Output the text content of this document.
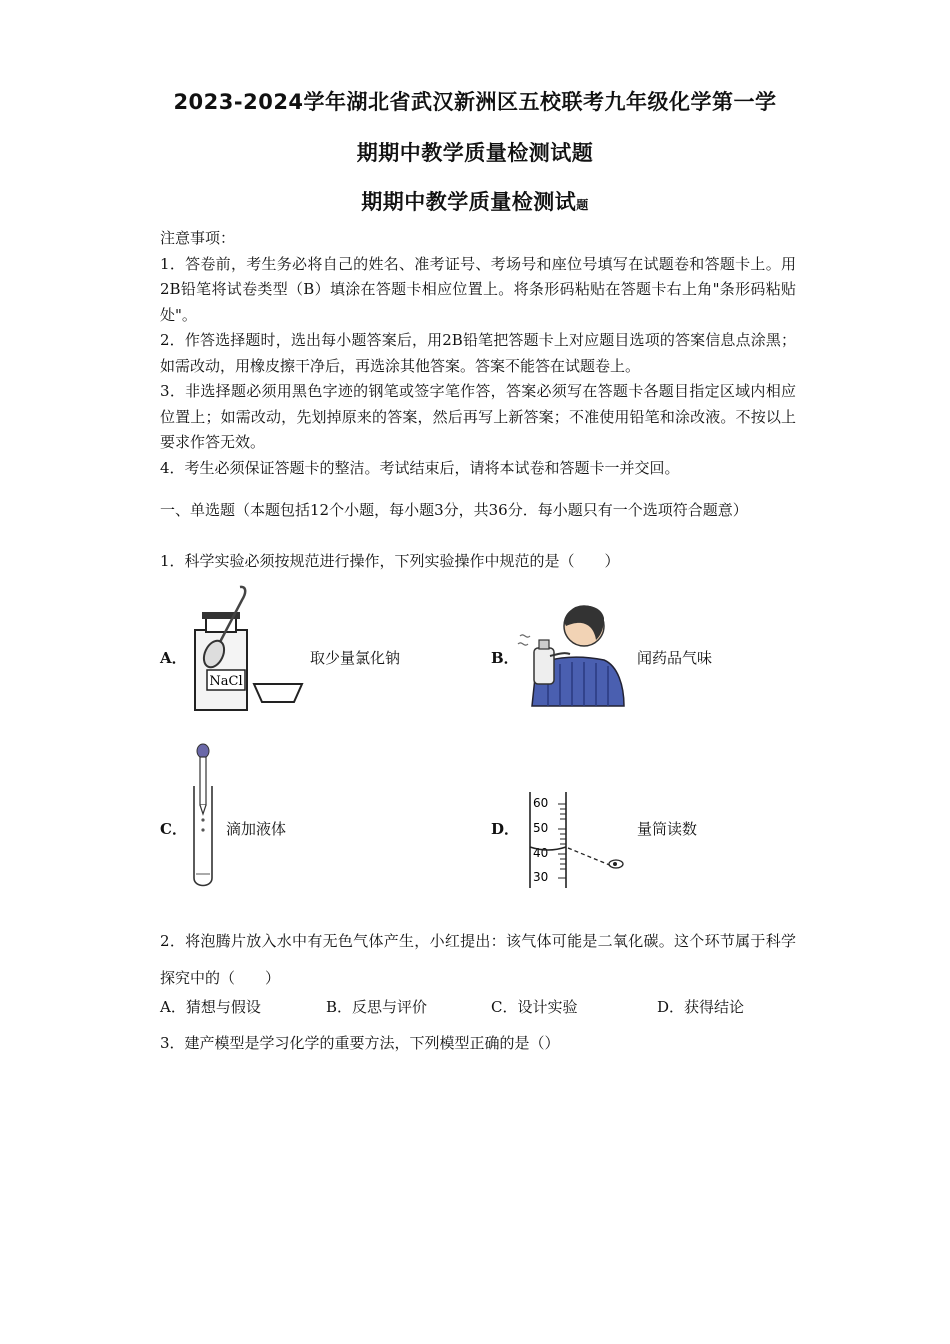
2023-2024学年湖北省武汉新洲区五校联考九年级化学第一学
期期中教学质量检测试题
期期中教学质量检测试题

注意事项：

1．答卷前，考生务必将自己的姓名、准考证号、考场号和座位号填写在试题卷和答题卡上。用2B铅笔将试卷类型（B）填涂在答题卡相应位置上。将条形码粘贴在答题卡右上角"条形码粘贴处"。

2．作答选择题时，选出每小题答案后，用2B铅笔把答题卡上对应题目选项的答案信息点涂黑；如需改动，用橡皮擦干净后，再选涂其他答案。答案不能答在试题卷上。

3．非选择题必须用黑色字迹的钢笔或签字笔作答，答案必须写在答题卡各题目指定区域内相应位置上；如需改动，先划掉原来的答案，然后再写上新答案；不准使用铅笔和涂改液。不按以上要求作答无效。

4．考生必须保证答题卡的整洁。考试结束后，请将本试卷和答题卡一并交回。

一、单选题（本题包括12个小题，每小题3分，共36分．每小题只有一个选项符合题意）
1．科学实验必须按规范进行操作，下列实验操作中规范的是（　　）
A．
NaCl
取少量氯化钠	B．	闻药品气味
C．	滴加液体	D．
60
50
40
30
量筒读数
2．将泡腾片放入水中有无色气体产生，小红提出：该气体可能是二氧化碳。这个环节属于科学探究中的（　　）
A．猜想与假设	B．反思与评价	C．设计实验	D．获得结论
3．建产模型是学习化学的重要方法，下列模型正确的是（）
